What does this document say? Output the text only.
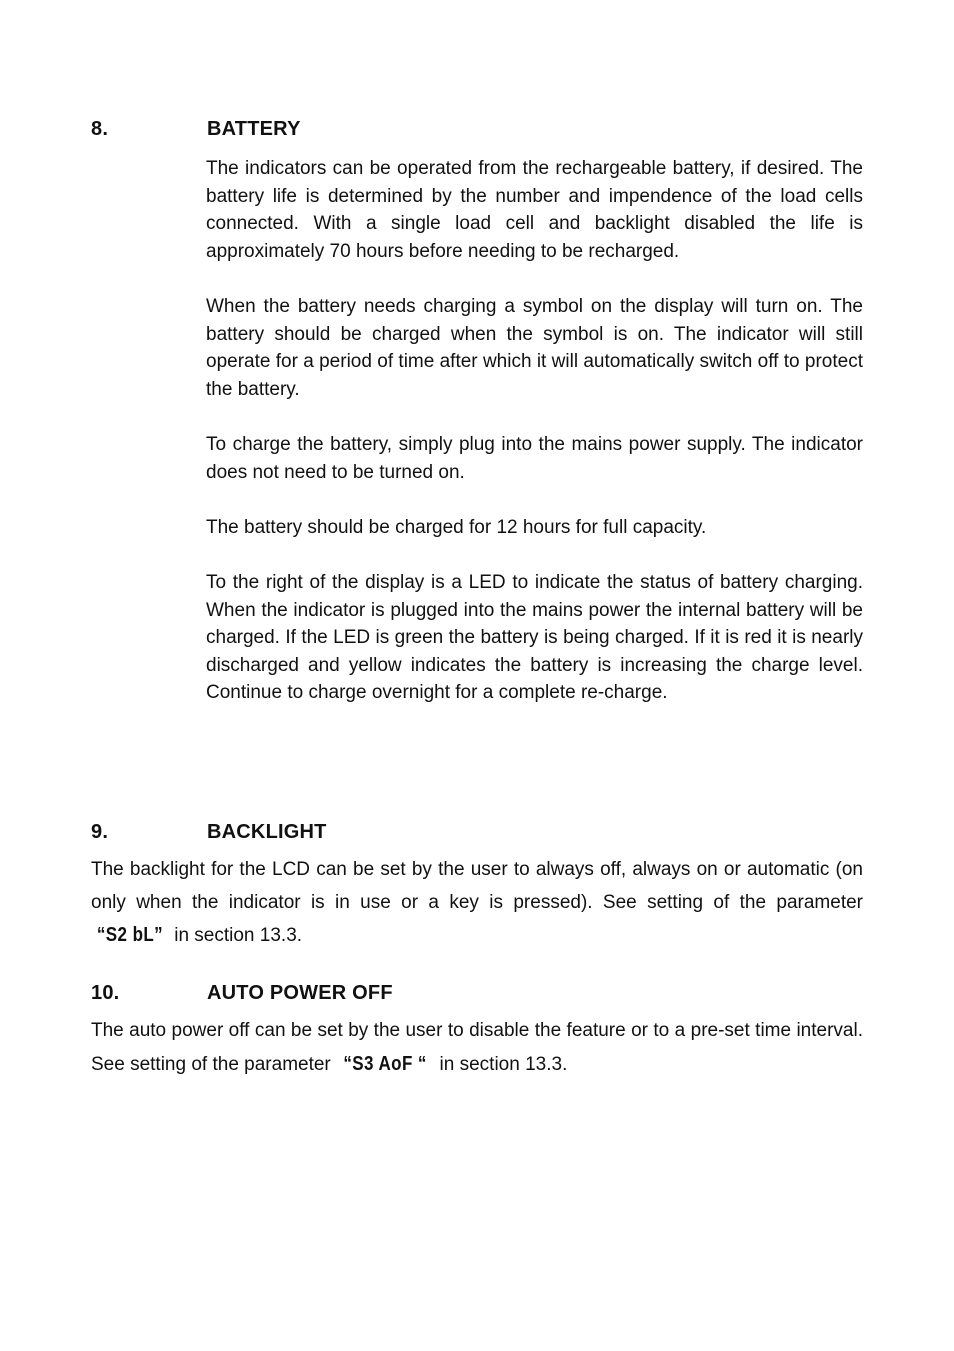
8.	BATTERY

The indicators can be operated from the rechargeable battery, if desired. The battery life is determined by the number and impendence of the load cells connected. With a single load cell and backlight disabled the life is approximately 70 hours before needing to be recharged.

When the battery needs charging a symbol on the display will turn on. The battery should be charged when the symbol is on. The indicator will still operate for a period of time after which it will automatically switch off to protect the battery.

To charge the battery, simply plug into the mains power supply. The indicator does not need to be turned on.

The battery should be charged for 12 hours for full capacity.

To the right of the display is a LED to indicate the status of battery charging. When the indicator is plugged into the mains power the internal battery will be charged. If the LED is green the battery is being charged. If it is red it is nearly discharged and yellow indicates the battery is increasing the charge level. Continue to charge overnight for a complete re-charge.

9.	BACKLIGHT

The backlight for the LCD can be set by the user to always off, always on or automatic (on only when the indicator is in use or a key is pressed). See setting of the parameter “S2 bL” in section 13.3.

10.	AUTO POWER OFF

The auto power off can be set by the user to disable the feature or to a pre-set time interval. See setting of the parameter “S3 AoF “ in section 13.3.
